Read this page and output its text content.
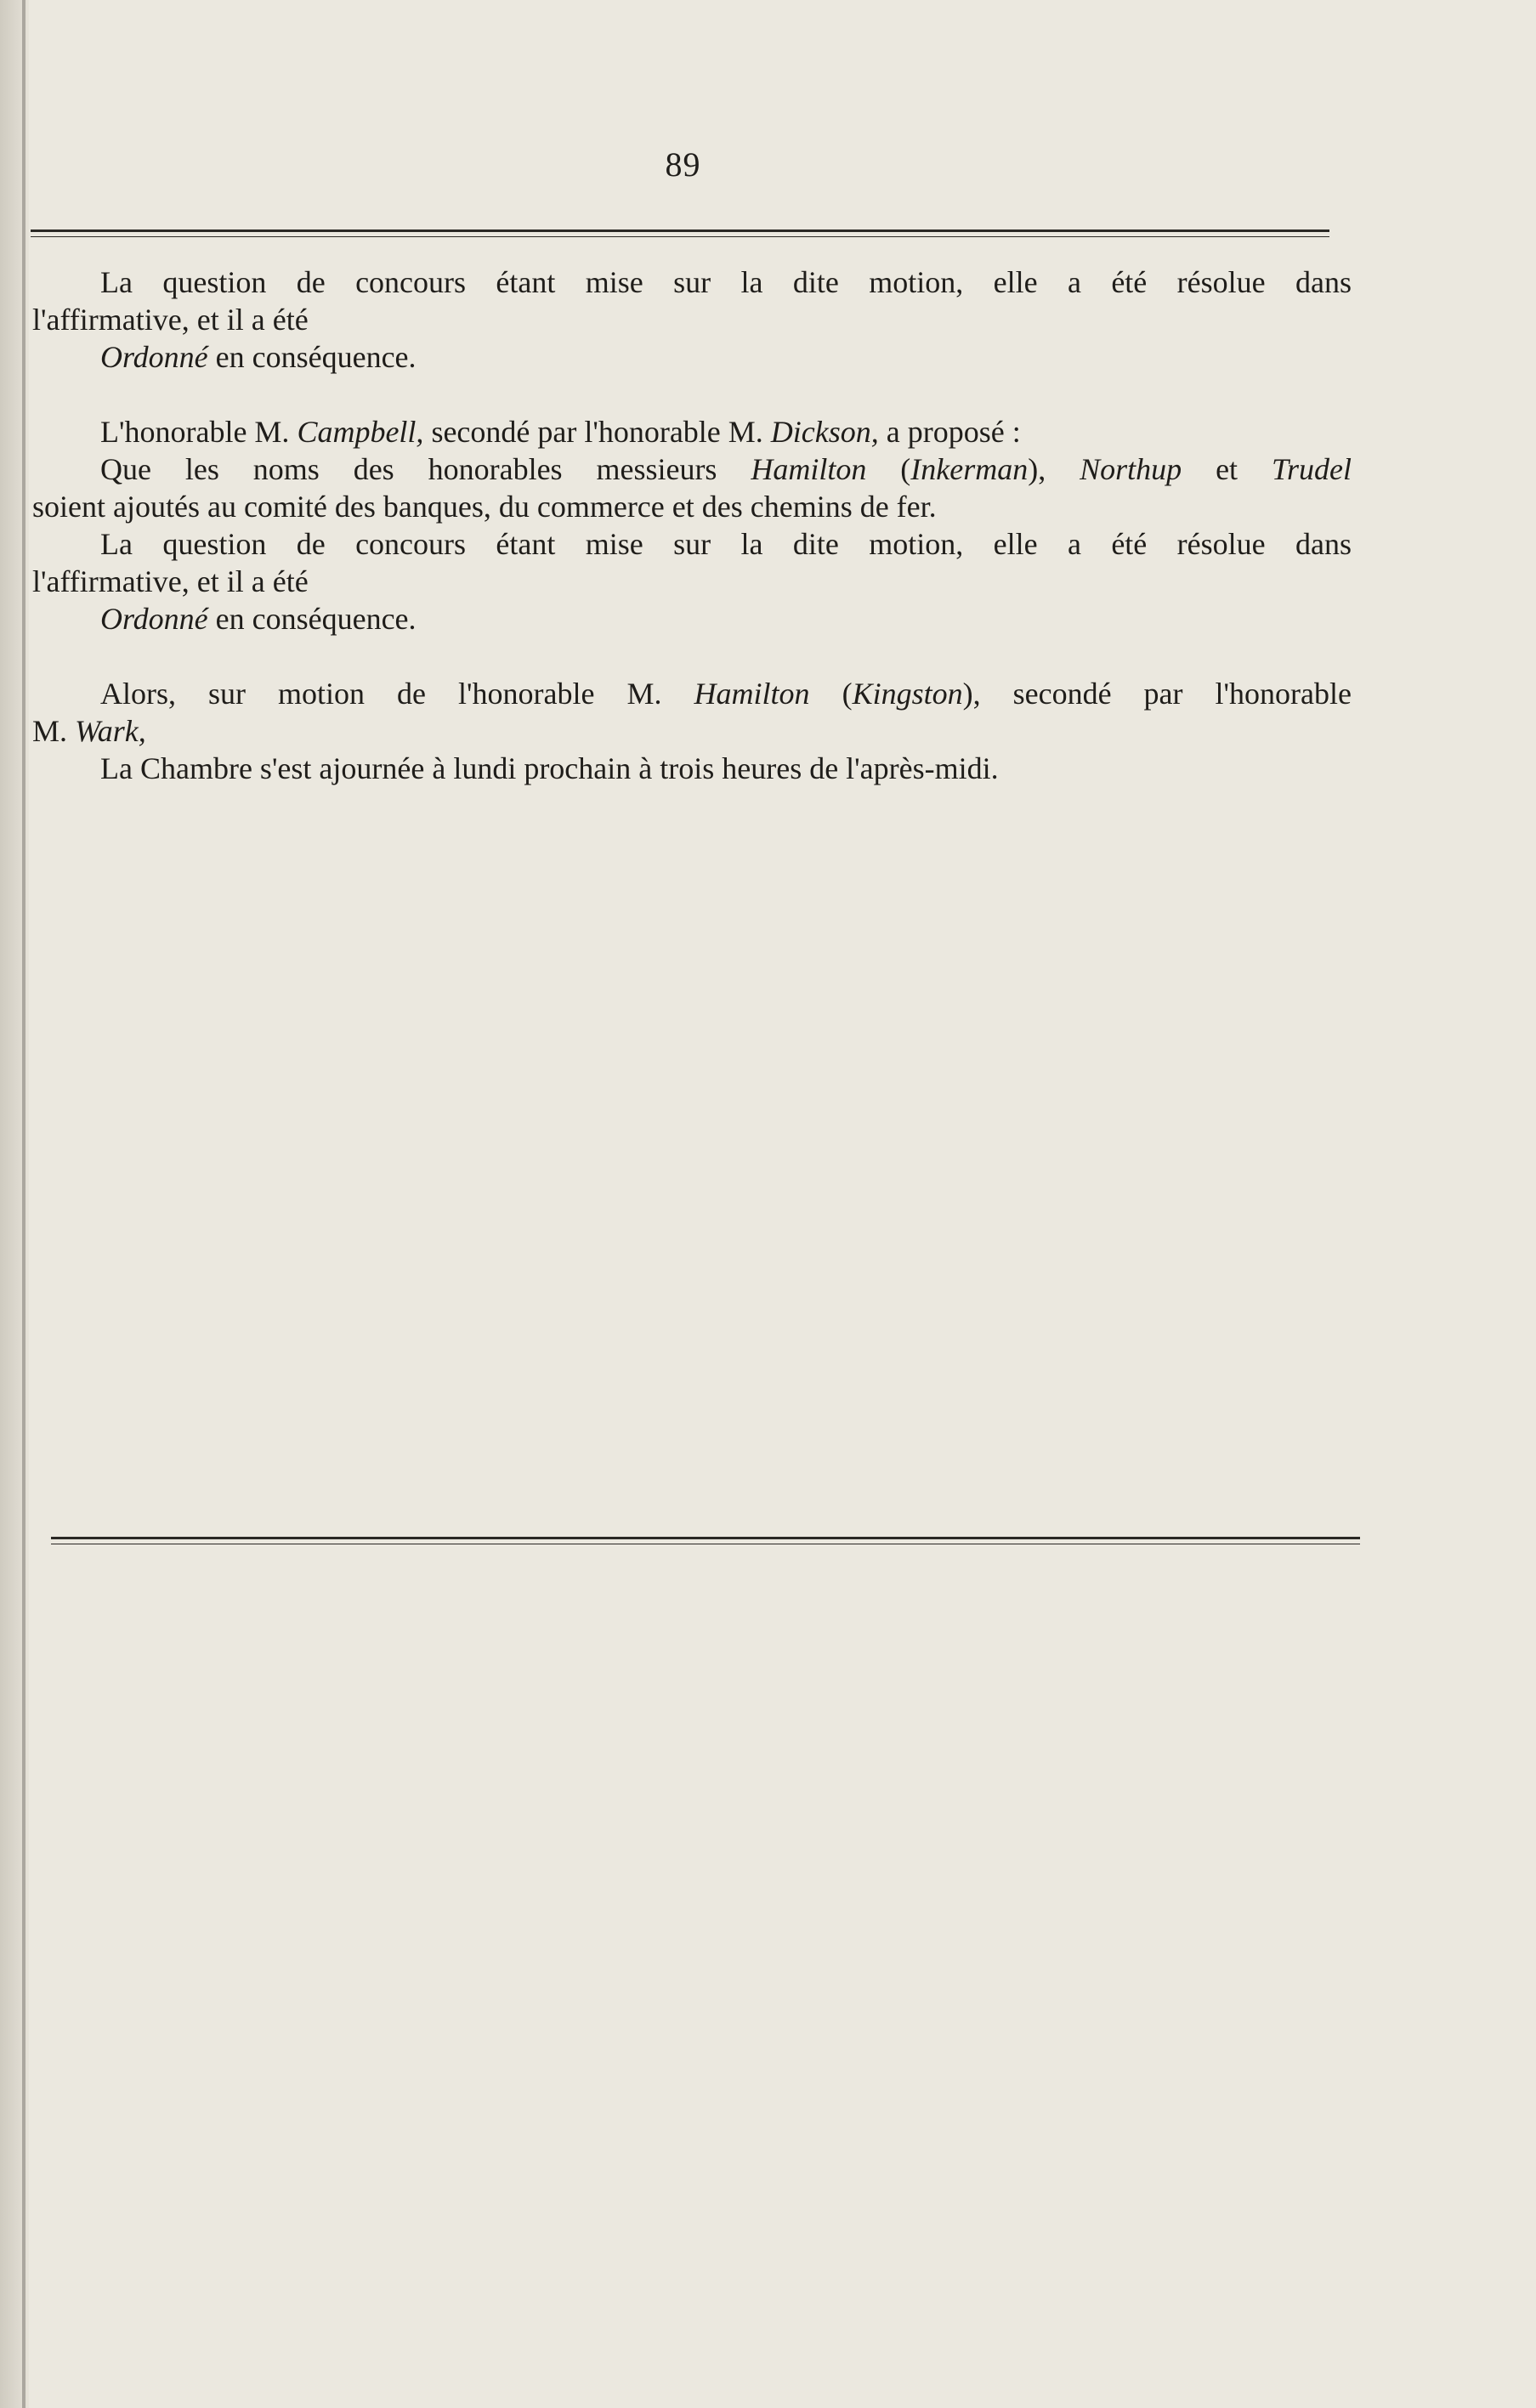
89
La question de concours étant mise sur la dite motion, elle a été résolue dans
l'affirmative, et il a été
Ordonné en conséquence.
L'honorable M. Campbell, secondé par l'honorable M. Dickson, a proposé :
Que les noms des honorables messieurs Hamilton (Inkerman), Northup et Trudel
soient ajoutés au comité des banques, du commerce et des chemins de fer.
La question de concours étant mise sur la dite motion, elle a été résolue dans
l'affirmative, et il a été
Ordonné en conséquence.
Alors, sur motion de l'honorable M. Hamilton (Kingston), secondé par l'honorable
M. Wark,
La Chambre s'est ajournée à lundi prochain à trois heures de l'après-midi.
